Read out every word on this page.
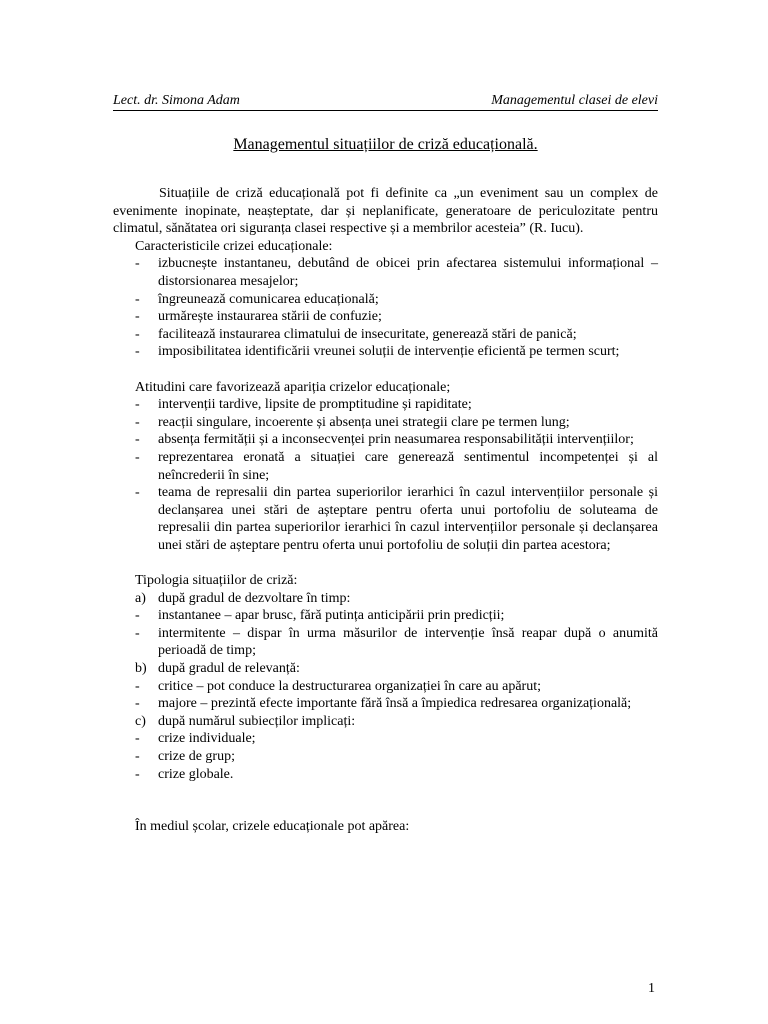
Lect. dr. Simona Adam	Managementul clasei de elevi
Managementul situațiilor de criză educațională.

Situațiile de criză educațională pot fi definite ca „un eveniment sau un complex de evenimente inopinate, neașteptate, dar și neplanificate, generatoare de periculozitate pentru climatul, sănătatea ori siguranța clasei respective și a membrilor acesteia” (R. Iucu).

Caracteristicile crizei educaționale:

- izbucnește instantaneu, debutând de obicei prin afectarea sistemului informațional – distorsionarea mesajelor;
- îngreunează comunicarea educațională;
- urmărește instaurarea stării de confuzie;
- facilitează instaurarea climatului de insecuritate, generează stări de panică;
- imposibilitatea identificării vreunei soluții de intervenție eficientă pe termen scurt;

Atitudini care favorizează apariția crizelor educaționale;

- intervenții tardive, lipsite de promptitudine și rapiditate;
- reacții singulare, incoerente și absența unei strategii clare pe termen lung;
- absența fermității și a inconsecvenței prin neasumarea responsabilității intervențiilor;
- reprezentarea eronată a situației care generează sentimentul incompetenței și al neîncrederii în sine;
- teama de represalii din partea superiorilor ierarhici în cazul intervențiilor personale și declanșarea unei stări de așteptare pentru oferta unui portofoliu de soluteama de represalii din partea superiorilor ierarhici în cazul intervențiilor personale și declanșarea unei stări de așteptare pentru oferta unui portofoliu de soluții din partea acestora;

Tipologia situațiilor de criză:

a) după gradul de dezvoltare în timp:
- instantanee – apar brusc, fără putința anticipării prin predicții;
- intermitente – dispar în urma măsurilor de intervenție însă reapar după o anumită perioadă de timp;
b) după gradul de relevanță:
- critice – pot conduce la destructurarea organizației în care au apărut;
- majore – prezintă efecte importante fără însă a împiedica redresarea organizațională;
c) după numărul subiecților implicați:
- crize individuale;
- crize de grup;
- crize globale.

În mediul școlar, crizele educaționale pot apărea:

1
